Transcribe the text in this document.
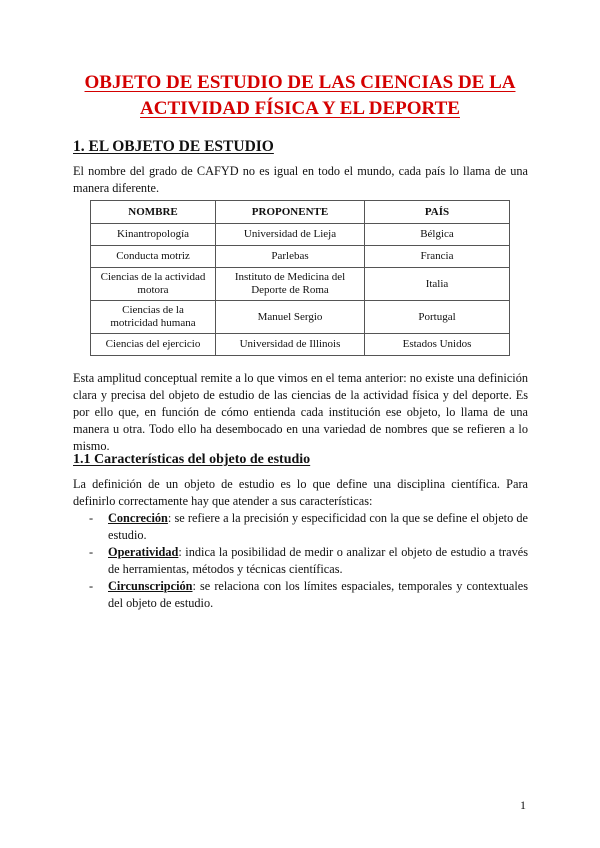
OBJETO DE ESTUDIO DE LAS CIENCIAS DE LA
ACTIVIDAD FÍSICA Y EL DEPORTE
1. EL OBJETO DE ESTUDIO
El nombre del grado de CAFYD no es igual en todo el mundo, cada país lo llama de una manera diferente.
NOMBRE	PROPONENTE	PAÍS
Kinantropología	Universidad de Lieja	Bélgica
Conducta motriz	Parlebas	Francia
Ciencias de la actividad motora	Instituto de Medicina del Deporte de Roma	Italia
Ciencias de la motricidad humana	Manuel Sergio	Portugal
Ciencias del ejercicio	Universidad de Illinois	Estados Unidos
Esta amplitud conceptual remite a lo que vimos en el tema anterior: no existe una definición clara y precisa del objeto de estudio de las ciencias de la actividad física y del deporte. Es por ello que, en función de cómo entienda cada institución ese objeto, lo llama de una manera u otra. Todo ello ha desembocado en una variedad de nombres que se refieren a lo mismo.
1.1 Características del objeto de estudio
La definición de un objeto de estudio es lo que define una disciplina científica. Para definirlo correctamente hay que atender a sus características:
- Concreción: se refiere a la precisión y especificidad con la que se define el objeto de estudio.
- Operatividad: indica la posibilidad de medir o analizar el objeto de estudio a través de herramientas, métodos y técnicas científicas.
- Circunscripción: se relaciona con los límites espaciales, temporales y contextuales del objeto de estudio.
1
